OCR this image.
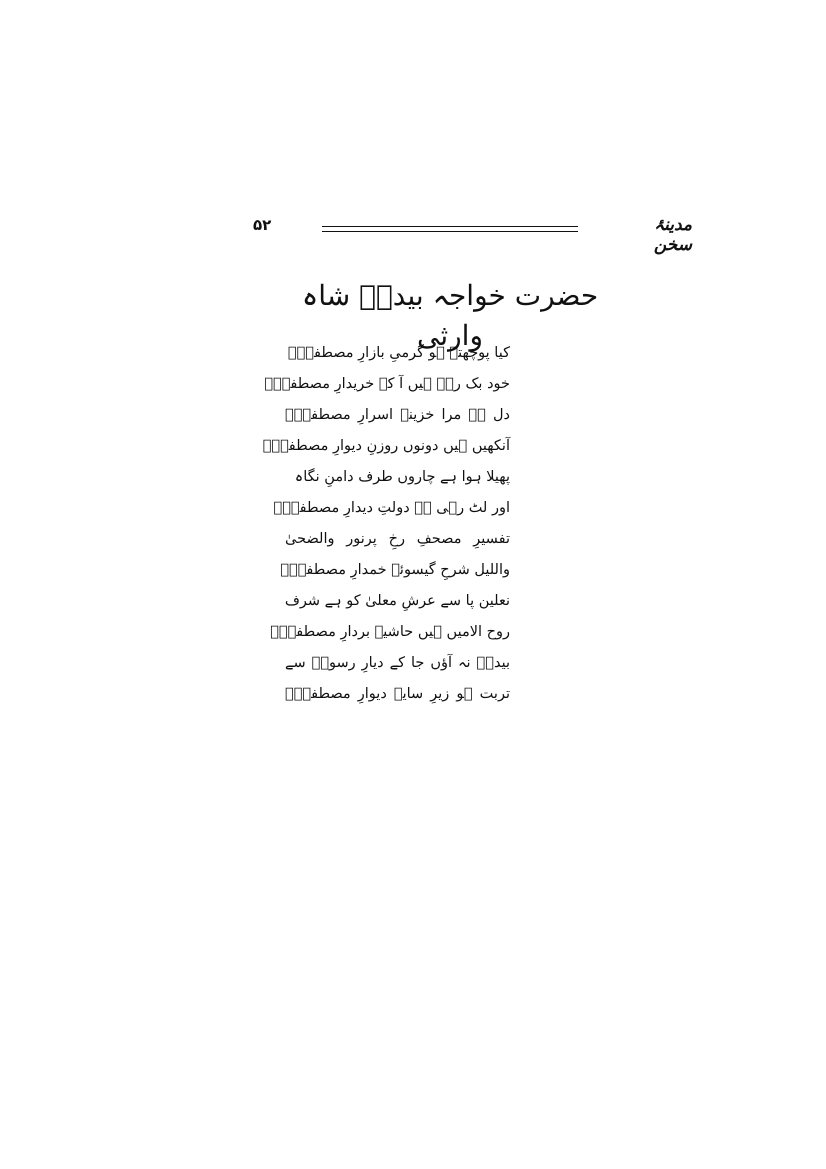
۵۲	مدینۂ سخن
حضرت خواجہ بیدمؔ شاہ وارثی
کیا پوچھتے ہو گرمیِ بازارِ مصطفیٰؐ
خود بک رہے ہیں آ کے خریدارِ مصطفیٰؐ
دل ہے مرا خزینۂ اسرارِ مصطفیٰؐ
آنکھیں ہیں دونوں روزنِ دیوارِ مصطفیٰؐ
پھیلا ہوا ہے چاروں طرف دامنِ نگاہ
اور لٹ رہی ہے دولتِ دیدارِ مصطفیٰؐ
تفسیرِ مصحفِ رخِ پرنور والضحیٰ
واللیل شرحِ گیسوئے خمدارِ مصطفیٰؐ
نعلین پا سے عرشِ معلیٰ کو ہے شرف
روح الامیں ہیں حاشیہ بردارِ مصطفیٰؐ
بیدمؔ نہ آؤں جا کے دیارِ رسولؐ سے
تربت ہو زیرِ سایۂ دیوارِ مصطفیٰؐ
